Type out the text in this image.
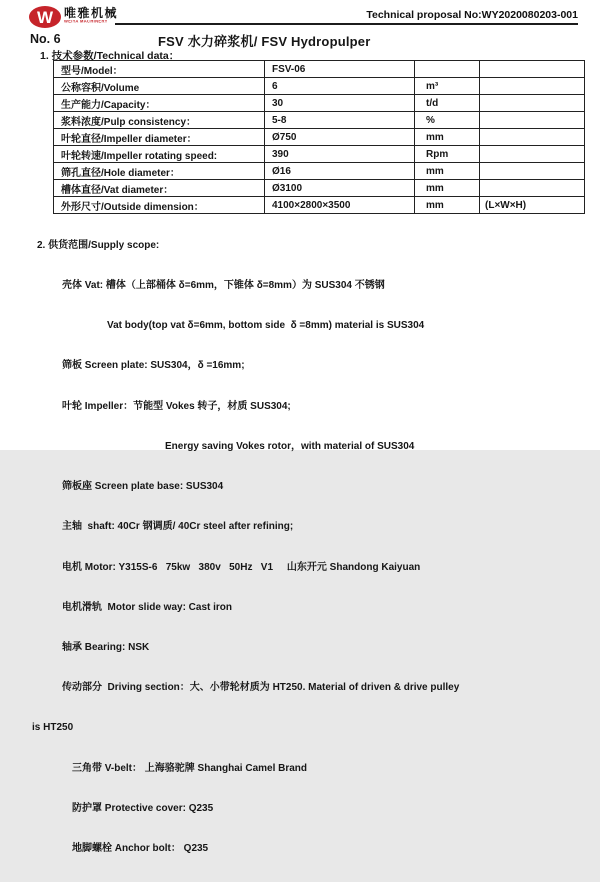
W 唯雅机械
WEIYA MACHINERY
Technical proposal No:WY2020080203-001
No. 6	FSV 水力碎浆机/ FSV Hydropulper
1. 技术参数/Technical data：
型号/Model：	FSV-06		
公称容积/Volume	6	m³	
生产能力/Capacity：	30	t/d	
浆料浓度/Pulp consistency：	5-8	%	
叶轮直径/Impeller diameter：	Ø750	mm	
叶轮转速/Impeller rotating speed:	390	Rpm	
筛孔直径/Hole diameter：	Ø16	mm	
槽体直径/Vat diameter：	Ø3100	mm	
外形尺寸/Outside dimension：	4100×2800×3500	mm	(L×W×H)

2. 供货范围/Supply scope:

壳体 Vat: 槽体（上部桶体 δ=6mm，下锥体 δ=8mm）为 SUS304 不锈钢

Vat body(top vat δ=6mm, bottom side  δ =8mm) material is SUS304

筛板 Screen plate: SUS304，δ =16mm;

叶轮 Impeller：节能型 Vokes 转子，材质 SUS304;

Energy saving Vokes rotor，with material of SUS304

筛板座 Screen plate base: SUS304

主轴  shaft: 40Cr 钢调质/ 40Cr steel after refining;

电机 Motor: Y315S-6   75kw   380v   50Hz   V1     山东开元 Shandong Kaiyuan

电机滑轨  Motor slide way: Cast iron

轴承 Bearing: NSK

传动部分  Driving section：大、小带轮材质为 HT250. Material of driven & drive pulley

is HT250

三角带 V-belt： 上海骆驼牌 Shanghai Camel Brand

防护罩 Protective cover: Q235

地脚螺栓 Anchor bolt： Q235
